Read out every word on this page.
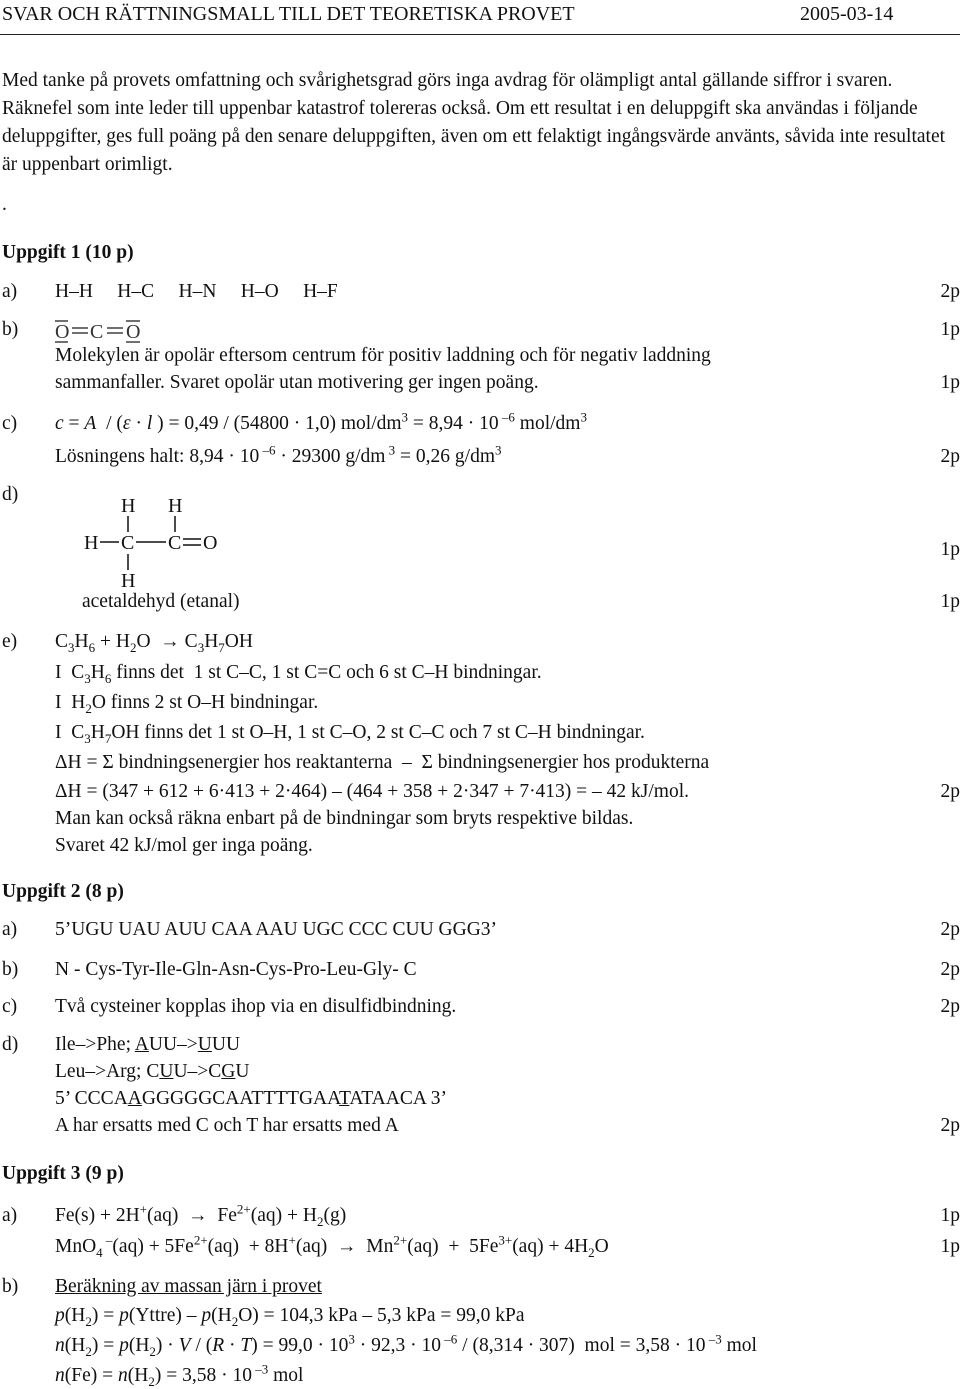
SVAR OCH RÄTTNINGSMALL TILL DET TEORETISKA PROVET	2005-03-14
Med tanke på provets omfattning och svårighetsgrad görs inga avdrag för olämpligt antal gällande siffror i svaren. Räknefel som inte leder till uppenbar katastrof tolereras också. Om ett resultat i en deluppgift ska användas i följande deluppgifter, ges full poäng på den senare deluppgiften, även om ett felaktigt ingångsvärde använts, såvida inte resultatet är uppenbart orimligt.
.
Uppgift 1 (10 p)
a) H–H     H–C     H–N     H–O     H–F	2p
b) O C O	1p
Molekylen är opolär eftersom centrum för positiv laddning och för negativ laddning
sammanfaller. Svaret opolär utan motivering ger ingen poäng.	1p
c) c = A  / (ε · l ) = 0,49 / (54800 · 1,0) mol/$dm^3 = 8,94 \cdot 10$ $^{-6}$ mol/$dm^3$
Lösningens halt: 8,94 · 10 $^{-6}$ · 29300 g/dm $^3$ = 0,26 $g/dm^3$	2p
d)
H H
H C C O
H
1p
acetaldehyd (etanal)	1p
e) $C_3H_6 + H_2O \to C_3H_7OH$
I  $C_3H_6$ finns det  1 st C–C, 1 st C=C och 6 st C–H bindningar.
I  $H_2O$ finns 2 st O–H bindningar.
I  $C_3H_7OH$ finns det 1 st O–H, 1 st C–O, 2 st C–C och 7 st C–H bindningar.
ΔH = Σ bindningsenergier hos reaktanterna  –  Σ bindningsenergier hos produkterna
ΔH = (347 + 612 + 6·413 + 2·464) – (464 + 358 + 2·347 + 7·413) = – 42 kJ/mol.	2p
Man kan också räkna enbart på de bindningar som bryts respektive bildas.
Svaret 42 kJ/mol ger inga poäng.
Uppgift 2 (8 p)
a) 5’UGU UAU AUU CAA AAU UGC CCC CUU GGG3’	2p
b) N - Cys-Tyr-Ile-Gln-Asn-Cys-Pro-Leu-Gly- C	2p
c) Två cysteiner kopplas ihop via en disulfidbindning.	2p
d) Ile–>Phe; AUU–>UUU
Leu–>Arg; CUU–>CGU
5’ CCCAAGGGGGCAATTTTGAATATAACA 3’
A har ersatts med C och T har ersatts med A	2p
Uppgift 3 (9 p)
a) $Fe(s) + 2H^+(aq) \to Fe^{2+}(aq) + H_2(g)$	1p
MnO$_4$ $^-(aq) + 5Fe^{2+}(aq) + 8H^+(aq) \to Mn^{2+}(aq) + 5Fe^{3+}(aq) + 4H_2O$	1p
b) Beräkning av massan järn i provet
$p(H_2)$ = p(Yttre) – $p(H_2O) = 104,3$ kPa – 5,3 kPa = 99,0 kPa
$n(H_2) = p(H_2) \cdot V / (R \cdot T) = 99,0 \cdot 10^3 \cdot 92,3 \cdot 10$ $^{-6}$ / (8,314 · 307)  mol = 3,58 · 10 $^{-3}$ mol
$n(Fe) = n(H_2) = 3,58 \cdot 10$ $^{-3}$ mol
